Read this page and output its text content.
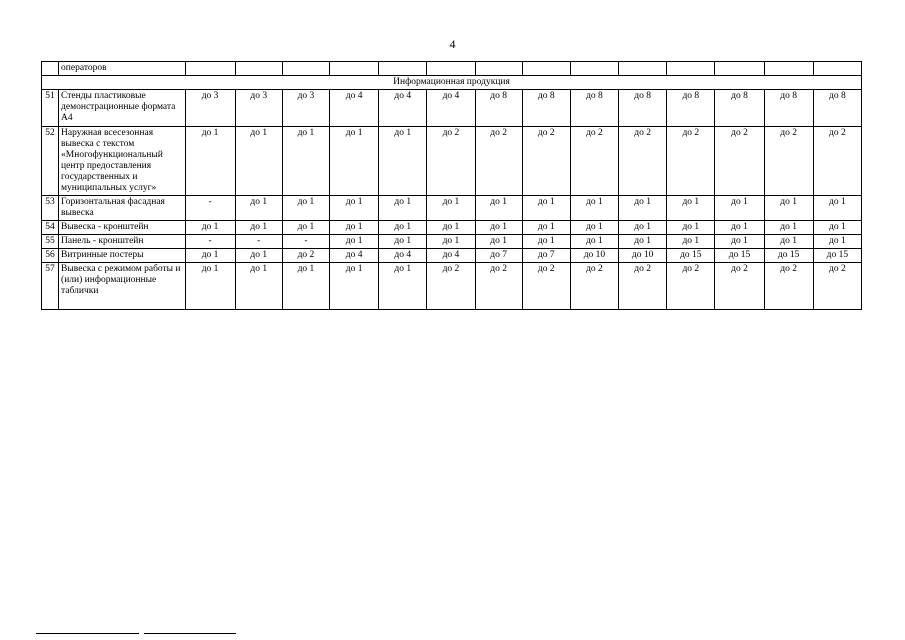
4
	операторов														
Информационная продукция															
51	Стенды пластиковые демонстрационные формата А4	до 3	до 3	до 3	до 4	до 4	до 4	до 8	до 8	до 8	до 8	до 8	до 8	до 8	до 8
52	Наружная всесезонная вывеска с текстом «Многофункциональный центр предоставления государственных и муниципальных услуг»	до 1	до 1	до 1	до 1	до 1	до 2	до 2	до 2	до 2	до 2	до 2	до 2	до 2	до 2
53	Горизонтальная фасадная вывеска	-	до 1	до 1	до 1	до 1	до 1	до 1	до 1	до 1	до 1	до 1	до 1	до 1	до 1
54	Вывеска - кронштейн	до 1	до 1	до 1	до 1	до 1	до 1	до 1	до 1	до 1	до 1	до 1	до 1	до 1	до 1
55	Панель - кронштейн	-	-	-	до 1	до 1	до 1	до 1	до 1	до 1	до 1	до 1	до 1	до 1	до 1
56	Витринные постеры	до 1	до 1	до 2	до 4	до 4	до 4	до 7	до 7	до 10	до 10	до 15	до 15	до 15	до 15
57	Вывеска с режимом работы и (или) информационные таблички	до 1	до 1	до 1	до 1	до 1	до 2	до 2	до 2	до 2	до 2	до 2	до 2	до 2	до 2
